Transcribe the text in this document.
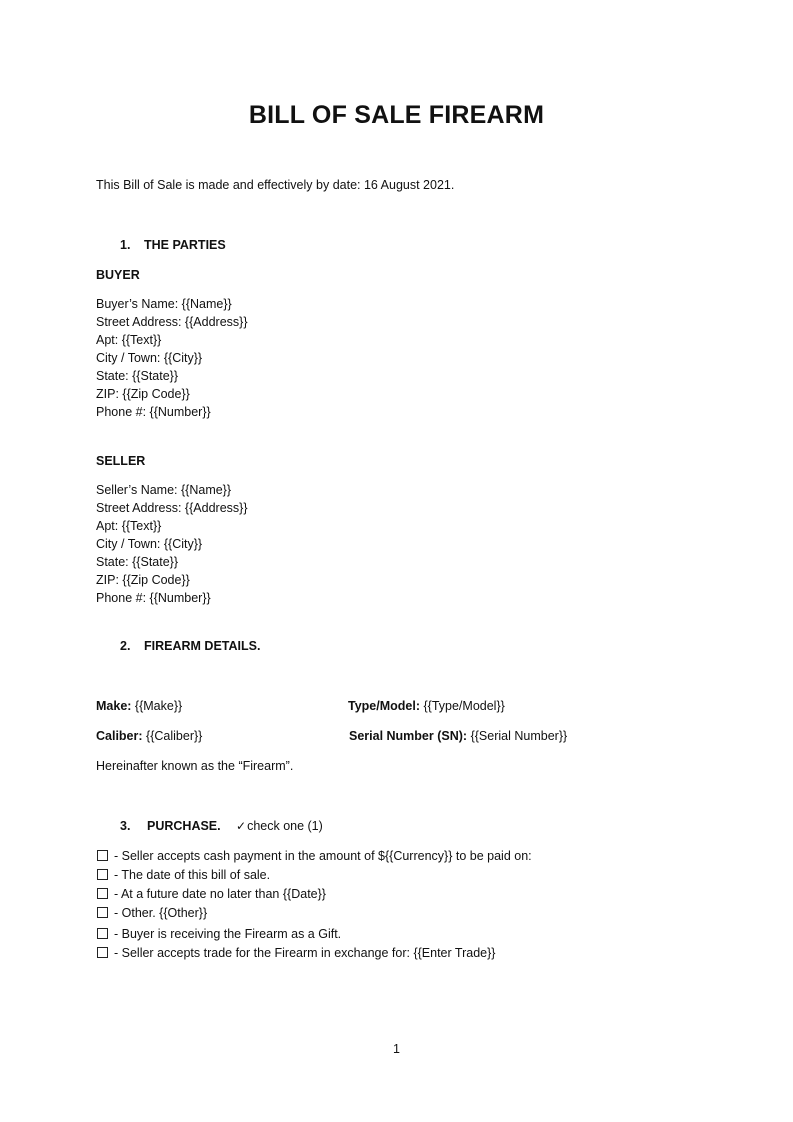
BILL OF SALE FIREARM
This Bill of Sale is made and effectively by date: 16 August 2021.
1. THE PARTIES
BUYER
Buyer’s Name: {{Name}}
Street Address: {{Address}}
Apt: {{Text}}
City / Town: {{City}}
State: {{State}}
ZIP: {{Zip Code}}
Phone #: {{Number}}
SELLER
Seller’s Name: {{Name}}
Street Address: {{Address}}
Apt: {{Text}}
City / Town: {{City}}
State: {{State}}
ZIP: {{Zip Code}}
Phone #: {{Number}}
2. FIREARM DETAILS.
Make: {{Make}}	Type/Model: {{Type/Model}}
Caliber: {{Caliber}}	Serial Number (SN): {{Serial Number}}
Hereinafter known as the “Firearm”.
3. PURCHASE. ✓check one (1)
- Seller accepts cash payment in the amount of ${{Currency}} to be paid on:
- The date of this bill of sale.
- At a future date no later than {{Date}}
- Other. {{Other}}
- Buyer is receiving the Firearm as a Gift.
- Seller accepts trade for the Firearm in exchange for: {{Enter Trade}}
1
